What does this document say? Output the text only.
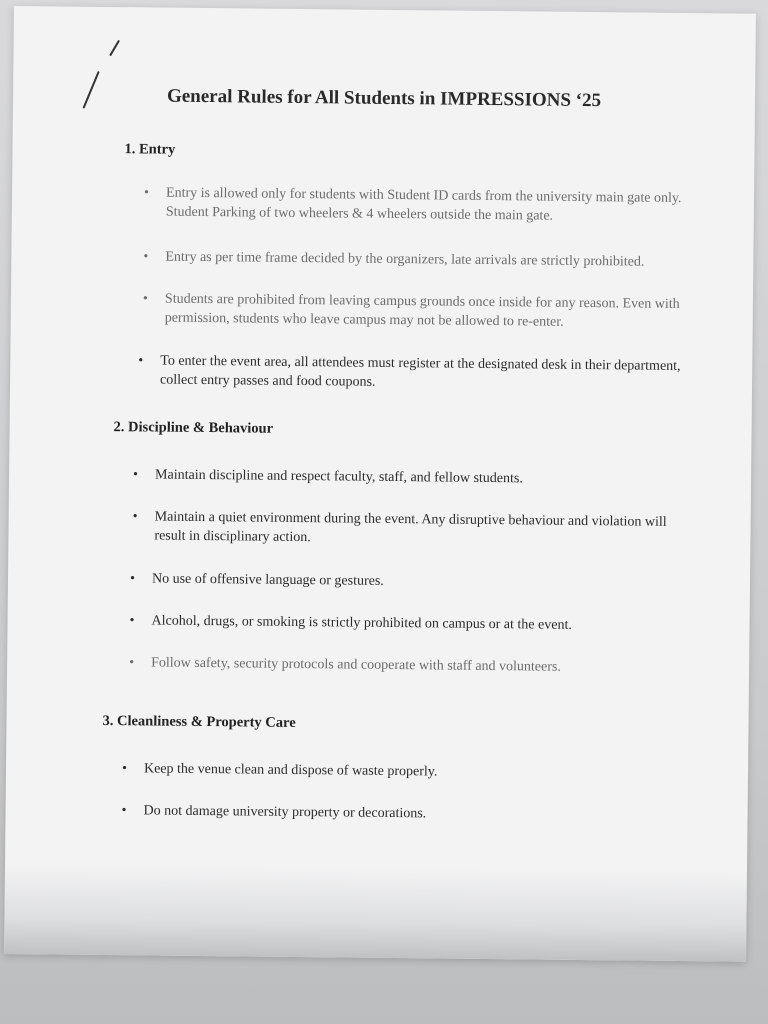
General Rules for All Students in IMPRESSIONS ‘25
1. Entry
• Entry is allowed only for students with Student ID cards from the university main gate only. Student Parking of two wheelers & 4 wheelers outside the main gate.
• Entry as per time frame decided by the organizers, late arrivals are strictly prohibited.
• Students are prohibited from leaving campus grounds once inside for any reason. Even with permission, students who leave campus may not be allowed to re-enter.
• To enter the event area, all attendees must register at the designated desk in their department, collect entry passes and food coupons.
2. Discipline & Behaviour
• Maintain discipline and respect faculty, staff, and fellow students.
• Maintain a quiet environment during the event. Any disruptive behaviour and violation will result in disciplinary action.
• No use of offensive language or gestures.
• Alcohol, drugs, or smoking is strictly prohibited on campus or at the event.
• Follow safety, security protocols and cooperate with staff and volunteers.
3. Cleanliness & Property Care
• Keep the venue clean and dispose of waste properly.
• Do not damage university property or decorations.
